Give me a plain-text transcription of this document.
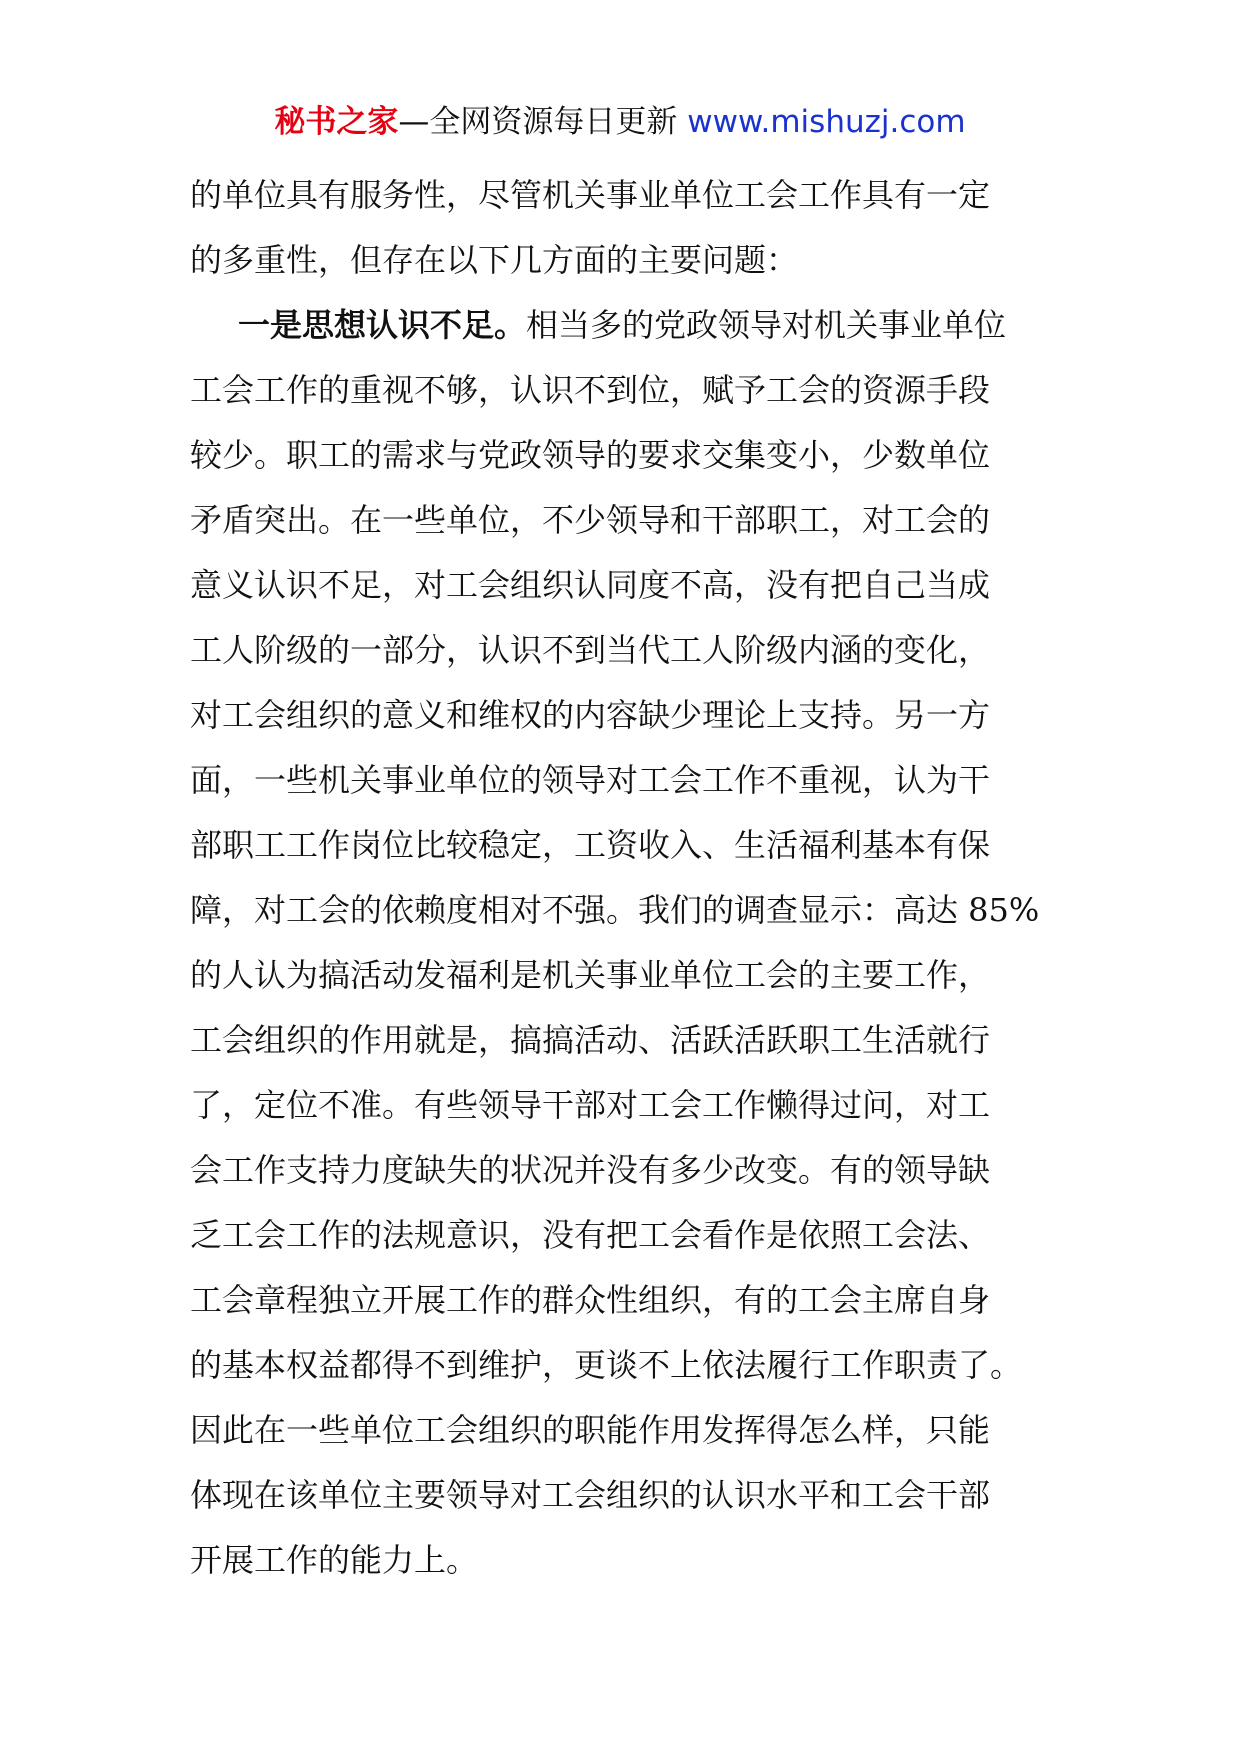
秘书之家—全网资源每日更新 www.mishuzj.com
的单位具有服务性，尽管机关事业单位工会工作具有一定
的多重性，但存在以下几方面的主要问题：
一是思想认识不足。相当多的党政领导对机关事业单位
工会工作的重视不够，认识不到位，赋予工会的资源手段
较少。职工的需求与党政领导的要求交集变小，少数单位
矛盾突出。在一些单位，不少领导和干部职工，对工会的
意义认识不足，对工会组织认同度不高，没有把自己当成
工人阶级的一部分，认识不到当代工人阶级内涵的变化，
对工会组织的意义和维权的内容缺少理论上支持。另一方
面，一些机关事业单位的领导对工会工作不重视，认为干
部职工工作岗位比较稳定，工资收入、生活福利基本有保
障，对工会的依赖度相对不强。我们的调查显示：高达 85%
的人认为搞活动发福利是机关事业单位工会的主要工作，
工会组织的作用就是，搞搞活动、活跃活跃职工生活就行
了，定位不准。有些领导干部对工会工作懒得过问，对工
会工作支持力度缺失的状况并没有多少改变。有的领导缺
乏工会工作的法规意识，没有把工会看作是依照工会法、
工会章程独立开展工作的群众性组织，有的工会主席自身
的基本权益都得不到维护，更谈不上依法履行工作职责了。
因此在一些单位工会组织的职能作用发挥得怎么样，只能
体现在该单位主要领导对工会组织的认识水平和工会干部
开展工作的能力上。
